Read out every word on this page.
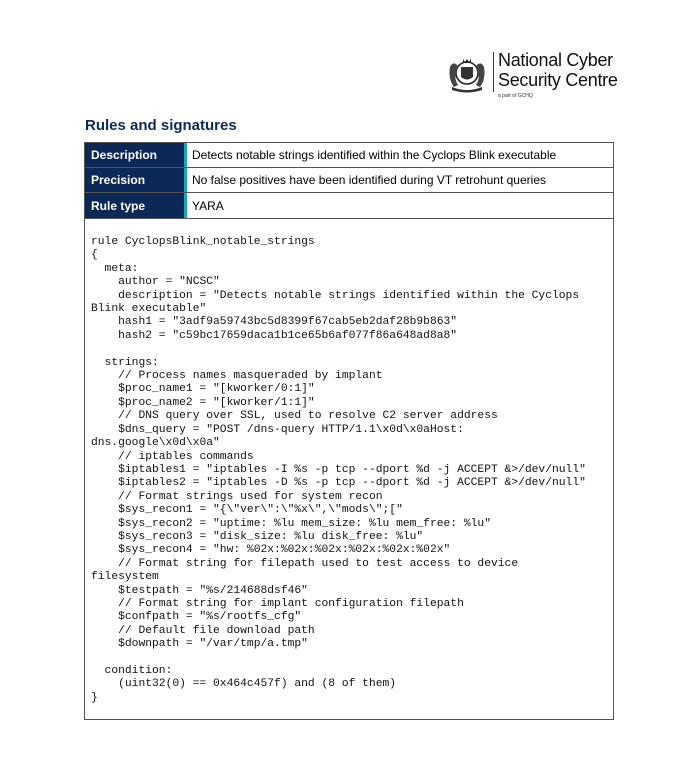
National Cyber
Security Centre
a part of GCHQ
Rules and signatures
Description	Detects notable strings identified within the Cyclops Blink executable
Precision	No false positives have been identified during VT retrohunt queries
Rule type	YARA
rule CyclopsBlink_notable_strings
{
meta:
author = "NCSC"
description = "Detects notable strings identified within the Cyclops
Blink executable"
hash1 = "3adf9a59743bc5d8399f67cab5eb2daf28b9b863"
hash2 = "c59bc17659daca1b1ce65b6af077f86a648ad8a8"

strings:
// Process names masqueraded by implant
$proc_name1 = "[kworker/0:1]"
$proc_name2 = "[kworker/1:1]"
// DNS query over SSL, used to resolve C2 server address
$dns_query = "POST /dns-query HTTP/1.1\x0d\x0aHost:
dns.google\x0d\x0a"
// iptables commands
$iptables1 = "iptables -I %s -p tcp --dport %d -j ACCEPT &>/dev/null"
$iptables2 = "iptables -D %s -p tcp --dport %d -j ACCEPT &>/dev/null"
// Format strings used for system recon
$sys_recon1 = "{\"ver\":\"%x\",\"mods\";["
$sys_recon2 = "uptime: %lu mem_size: %lu mem_free: %lu"
$sys_recon3 = "disk_size: %lu disk_free: %lu"
$sys_recon4 = "hw: %02x:%02x:%02x:%02x:%02x:%02x"
// Format string for filepath used to test access to device
filesystem
$testpath = "%s/214688dsf46"
// Format string for implant configuration filepath
$confpath = "%s/rootfs_cfg"
// Default file download path
$downpath = "/var/tmp/a.tmp"

condition:
(uint32(0) == 0x464c457f) and (8 of them)
}
